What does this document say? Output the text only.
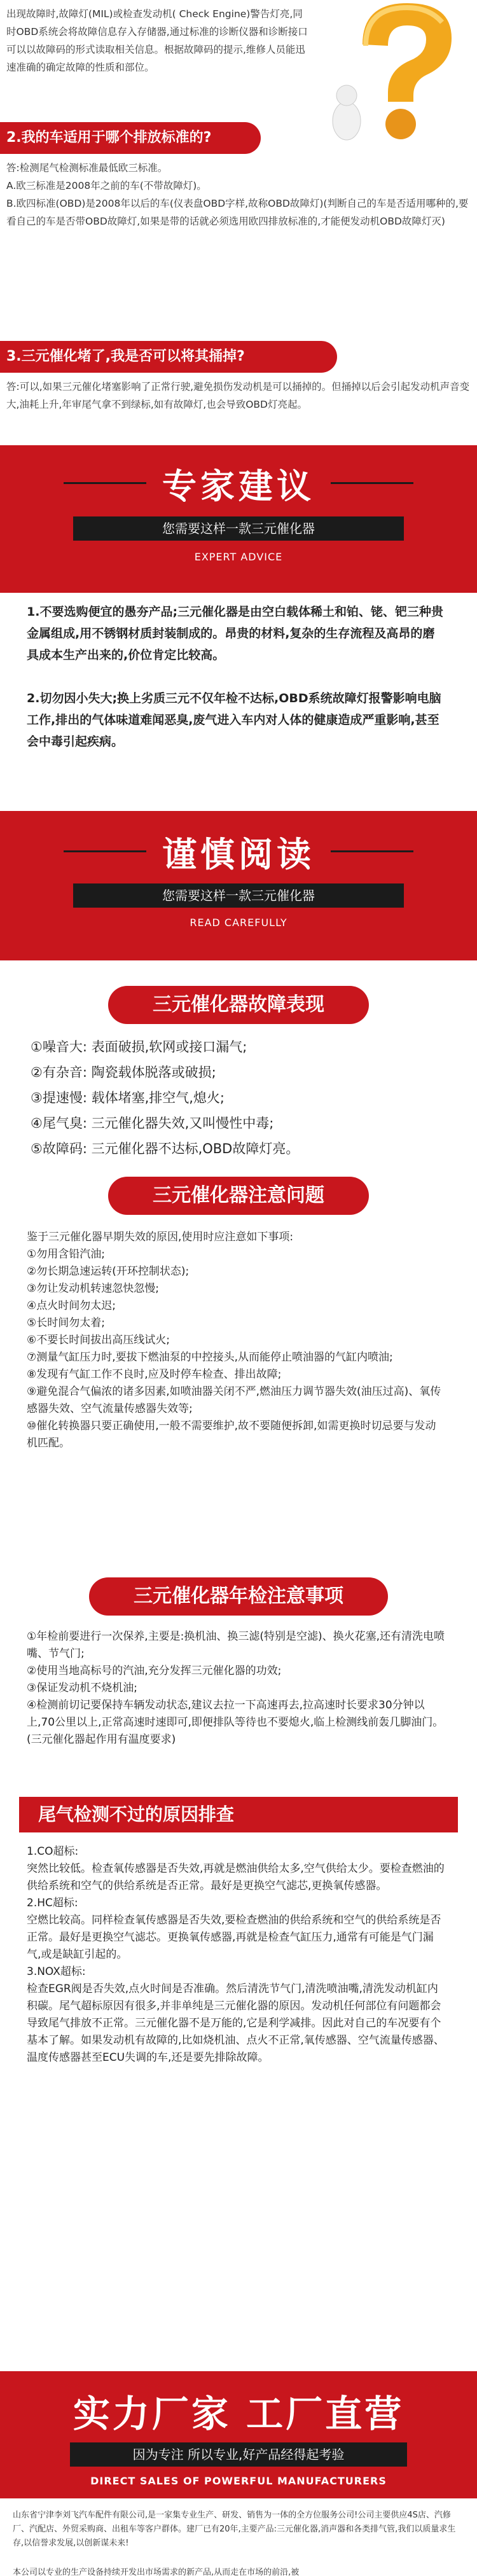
出现故障时,故障灯(MIL)或检查发动机( Check Engine)警告灯亮,同时OBD系统会将故障信息存入存储器,通过标准的诊断仪器和诊断接口可以以故障码的形式读取相关信息。根据故障码的提示,维修人员能迅速准确的确定故障的性质和部位。

2.我的车适用于哪个排放标准的?

答:检测尾气检测标准最低欧三标准。

A.欧三标准是2008年之前的车(不带故障灯)。

B.欧四标准(OBD)是2008年以后的车(仪表盘OBD字样,故称OBD故障灯)(判断自己的车是否适用哪种的,要看自己的车是否带OBD故障灯,如果是带的话就必须选用欧四排放标准的,才能便发动机OBD故障灯灭)

3.三元催化堵了,我是否可以将其捅掉?

答:可以,如果三元催化堵塞影响了正常行驶,避免损伤发动机是可以捅掉的。但捅掉以后会引起发动机声音变大,油耗上升,年审尾气拿不到绿标,如有故障灯,也会导致OBD灯亮起。

专家建议
您需要这样一款三元催化器
EXPERT ADVICE

1.不要选购便宜的愚夯产品;三元催化器是由空白载体稀土和铂、铑、钯三种贵金属组成,用不锈钢材质封装制成的。昂贵的材料,复杂的生存流程及高昂的磨具成本生产出来的,价位肯定比较高。

2.切勿因小失大;换上劣质三元不仅年检不达标,OBD系统故障灯报警影响电脑工作,排出的气体味道难闻恶臭,废气进入车内对人体的健康造成严重影响,甚至会中毒引起疾病。

谨慎阅读
您需要这样一款三元催化器
READ CAREFULLY
三元催化器故障表现
①噪音大: 表面破损,软网或接口漏气;
②有杂音: 陶瓷载体脱落或破损;
③提速慢: 载体堵塞,排空气,熄火;
④尾气臭: 三元催化器失效,又叫慢性中毒;
⑤故障码: 三元催化器不达标,OBD故障灯亮。
三元催化器注意问题

鉴于三元催化器早期失效的原因,使用时应注意如下事项:

①勿用含铅汽油;

②勿长期急速运转(开环控制状态);

③勿让发动机转速忽快忽慢;

④点火时间勿太迟;

⑤长时间勿太着;

⑥不要长时间拔出高压线试火;

⑦测量气缸压力时,要拔下燃油泵的中控接头,从而能停止喷油器的气缸内喷油;

⑧发现有气缸工作不良时,应及时停车检查、排出故障;

⑨避免混合气偏浓的诸多因素,如喷油器关闭不严,燃油压力调节器失效(油压过高)、氧传感器失效、空气流量传感器失效等;

⑩催化转换器只要正确使用,一般不需要维护,故不要随便拆卸,如需更换时切忌要与发动机匹配。

三元催化器年检注意事项

①年检前要进行一次保养,主要是:换机油、换三滤(特别是空滤)、换火花塞,还有清洗电喷嘴、节气门;

②使用当地高标号的汽油,充分发挥三元催化器的功效;

③保证发动机不烧机油;

④检测前切记要保持车辆发动状态,建议去拉一下高速再去,拉高速时长要求30分钟以上,70公里以上,正常高速时速即可,即便排队等待也不要熄火,临上检测线前轰几脚油门。(三元催化器起作用有温度要求)

尾气检测不过的原因排查

1.CO超标:

突然比较低。检查氧传感器是否失效,再就是燃油供给太多,空气供给太少。要检查燃油的供给系统和空气的供给系统是否正常。最好是更换空气滤芯,更换氧传感器。

2.HC超标:

空燃比较高。同样检查氧传感器是否失效,要检查燃油的供给系统和空气的供给系统是否正常。最好是更换空气滤芯。更换氧传感器,再就是检查气缸压力,通常有可能是气门漏气,或是缺缸引起的。

3.NOX超标:

检查EGR阀是否失效,点火时间是否准确。然后清洗节气门,清洗喷油嘴,清洗发动机缸内积碳。尾气超标原因有很多,并非单纯是三元催化器的原因。发动机任何部位有问题都会导致尾气排放不正常。三元催化器不是万能的,它是利学减排。因此对自己的车况要有个基本了解。如果发动机有故障的,比如烧机油、点火不正常,氧传感器、空气流量传感器、温度传感器甚至ECU失调的车,还是要先排除故障。

实力厂家 工厂直营
因为专注 所以专业,好产品经得起考验
DIRECT SALES OF POWERFUL MANUFACTURERS

山东省宁津李刘飞汽车配件有限公司,是一家集专业生产、研发、销售为一体的全方位服务公司!公司主要供应4S店、汽修厂、汽配店、外贸采购商、出租车等客户群体。建厂已有20年,主要产品:三元催化器,消声器和各类排气管,我们以质量求生存,以信誉求发展,以创新谋未来!

本公司以专业的生产设备持续开发出市场需求的新产品,从而走在市场的前沿,被
